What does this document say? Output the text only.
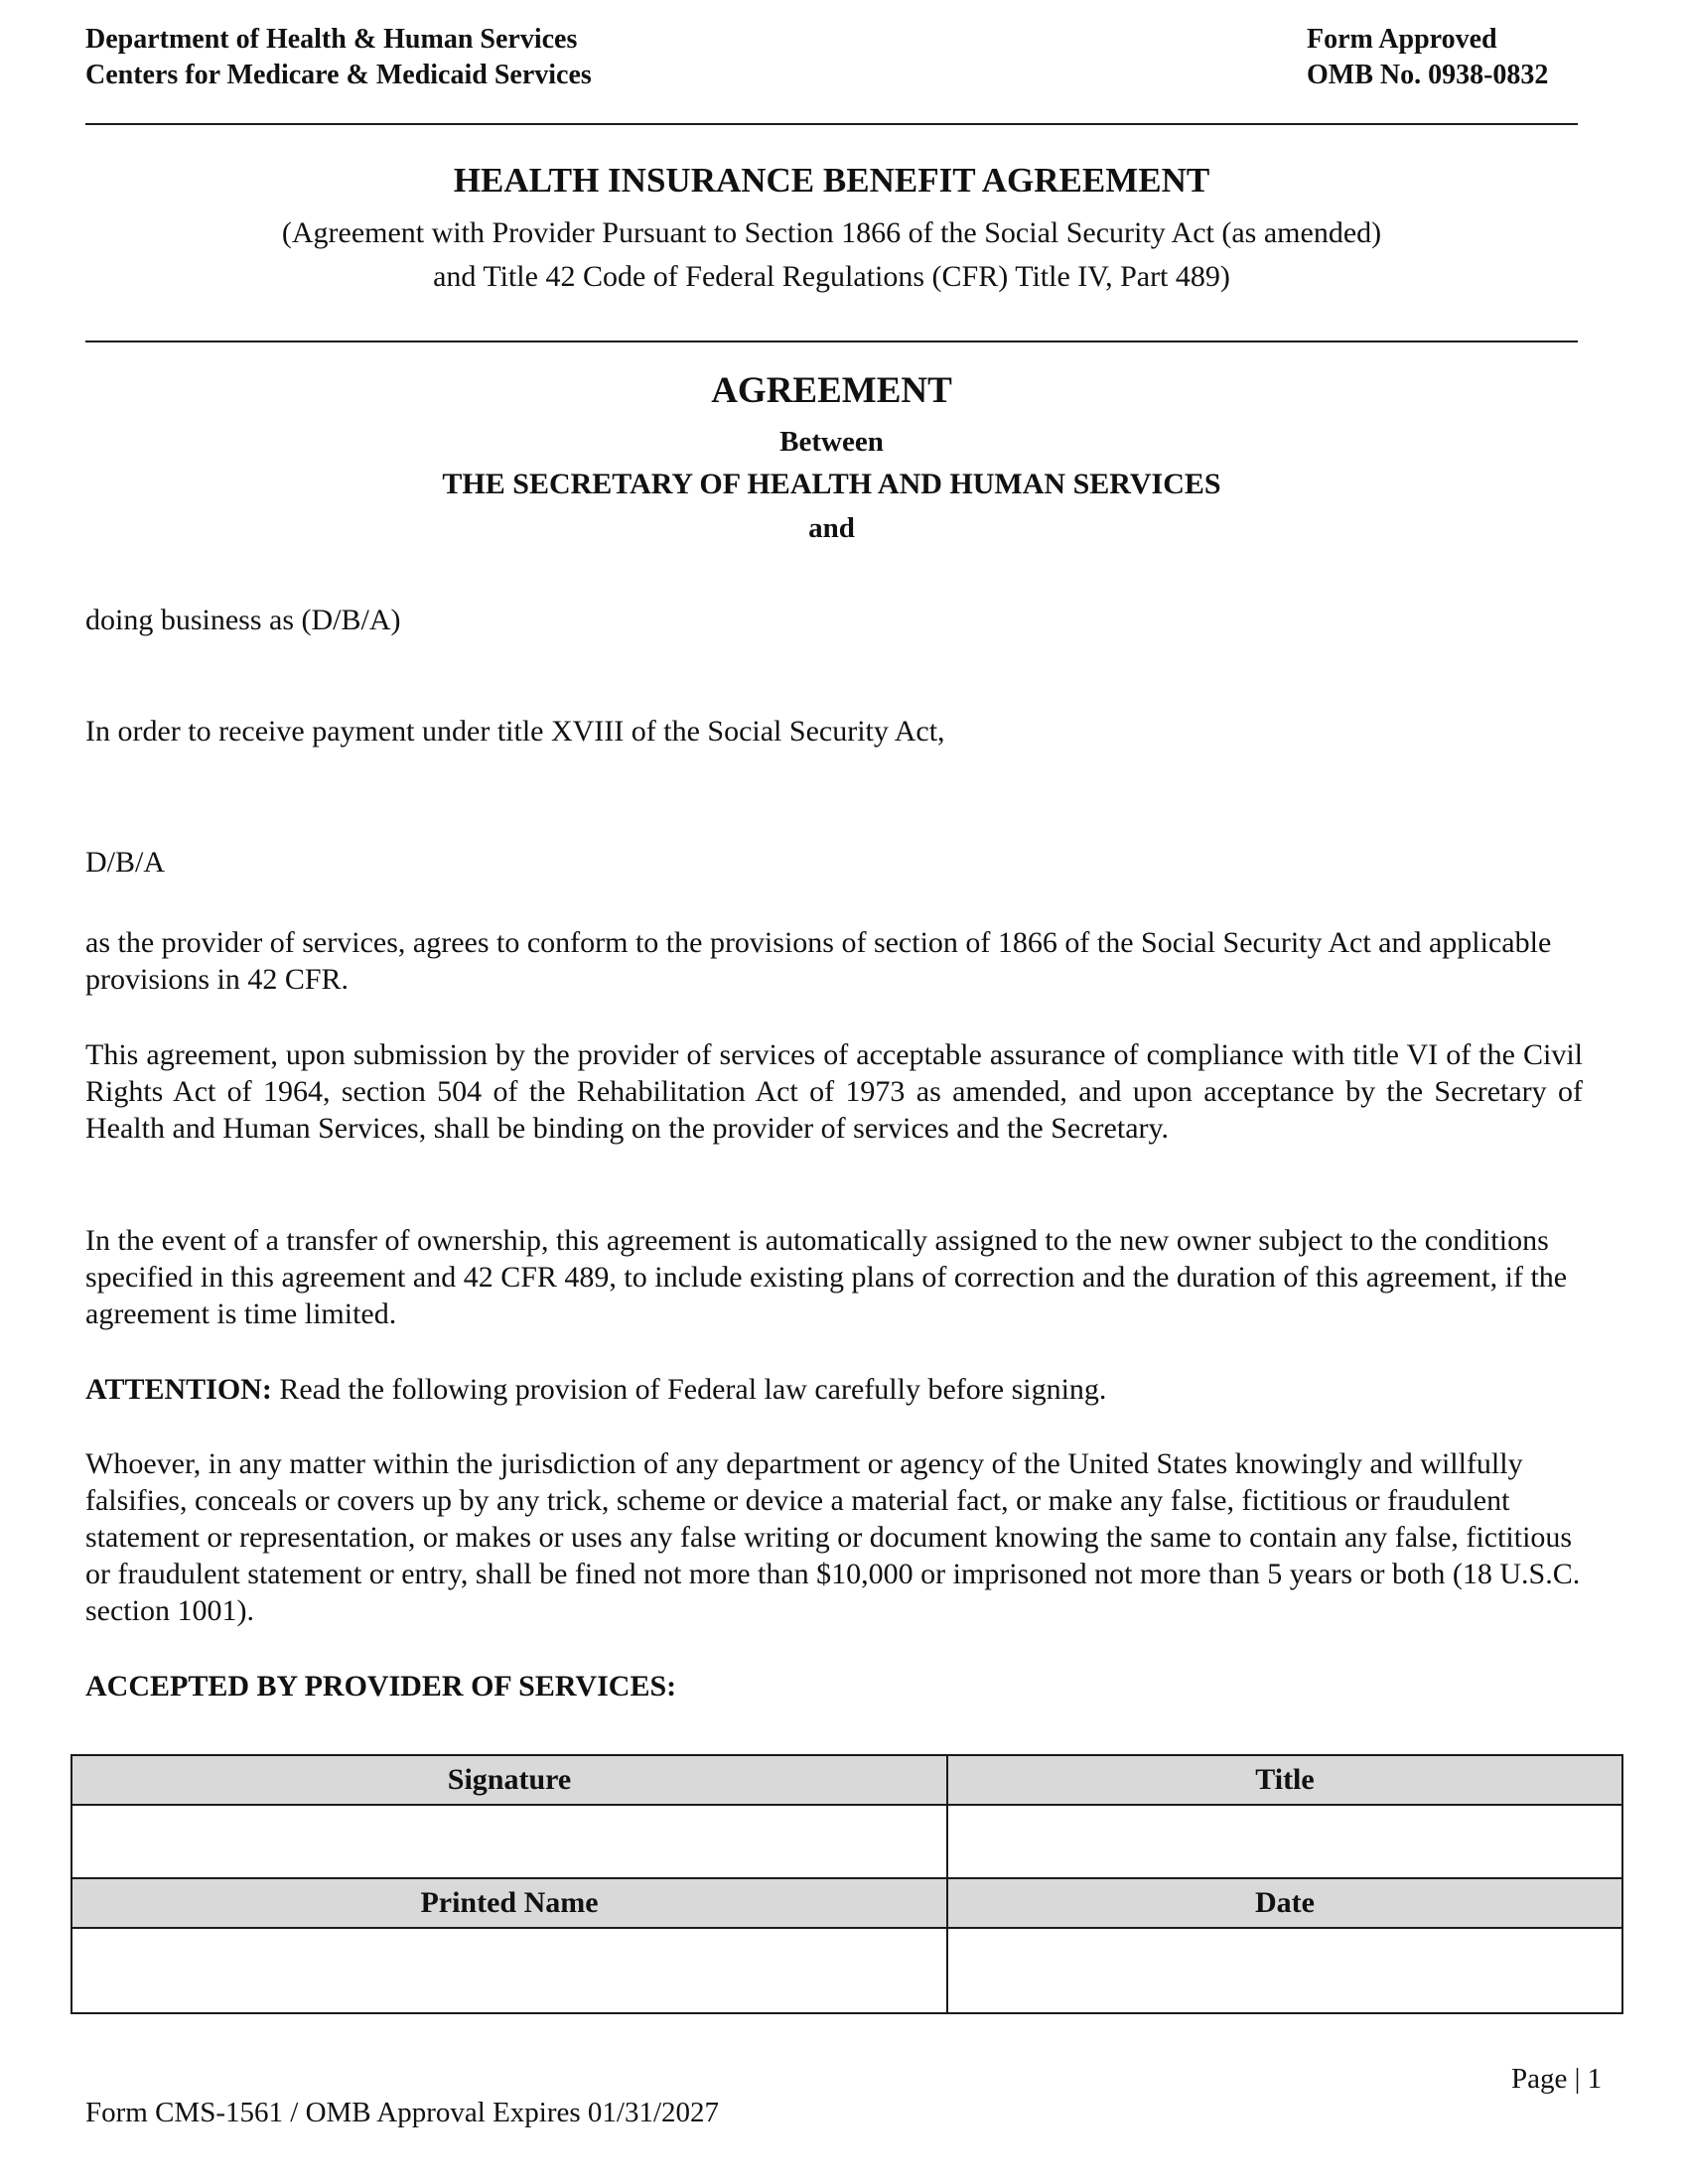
Department of Health & Human Services
Centers for Medicare & Medicaid Services
Form Approved
OMB No. 0938-0832
HEALTH INSURANCE BENEFIT AGREEMENT
(Agreement with Provider Pursuant to Section 1866 of the Social Security Act (as amended)
and Title 42 Code of Federal Regulations (CFR) Title IV, Part 489)
AGREEMENT
Between
THE SECRETARY OF HEALTH AND HUMAN SERVICES
and
doing business as (D/B/A)
In order to receive payment under title XVIII of the Social Security Act,
D/B/A
as the provider of services, agrees to conform to the provisions of section of 1866 of the Social Security Act and applicable provisions in 42 CFR.
This agreement, upon submission by the provider of services of acceptable assurance of compliance with title VI of the Civil Rights Act of 1964, section 504 of the Rehabilitation Act of 1973 as amended, and upon acceptance by the Secretary of Health and Human Services, shall be binding on the provider of services and the Secretary.
In the event of a transfer of ownership, this agreement is automatically assigned to the new owner subject to the conditions specified in this agreement and 42 CFR 489, to include existing plans of correction and the duration of this agreement, if the agreement is time limited.
ATTENTION: Read the following provision of Federal law carefully before signing.
Whoever, in any matter within the jurisdiction of any department or agency of the United States knowingly and willfully falsifies, conceals or covers up by any trick, scheme or device a material fact, or make any false, fictitious or fraudulent statement or representation, or makes or uses any false writing or document knowing the same to contain any false, fictitious or fraudulent statement or entry, shall be fined not more than $10,000 or imprisoned not more than 5 years or both (18 U.S.C. section 1001).
ACCEPTED BY PROVIDER OF SERVICES:
Signature	Title

Printed Name	Date

Page | 1
Form CMS-1561 / OMB Approval Expires 01/31/2027
